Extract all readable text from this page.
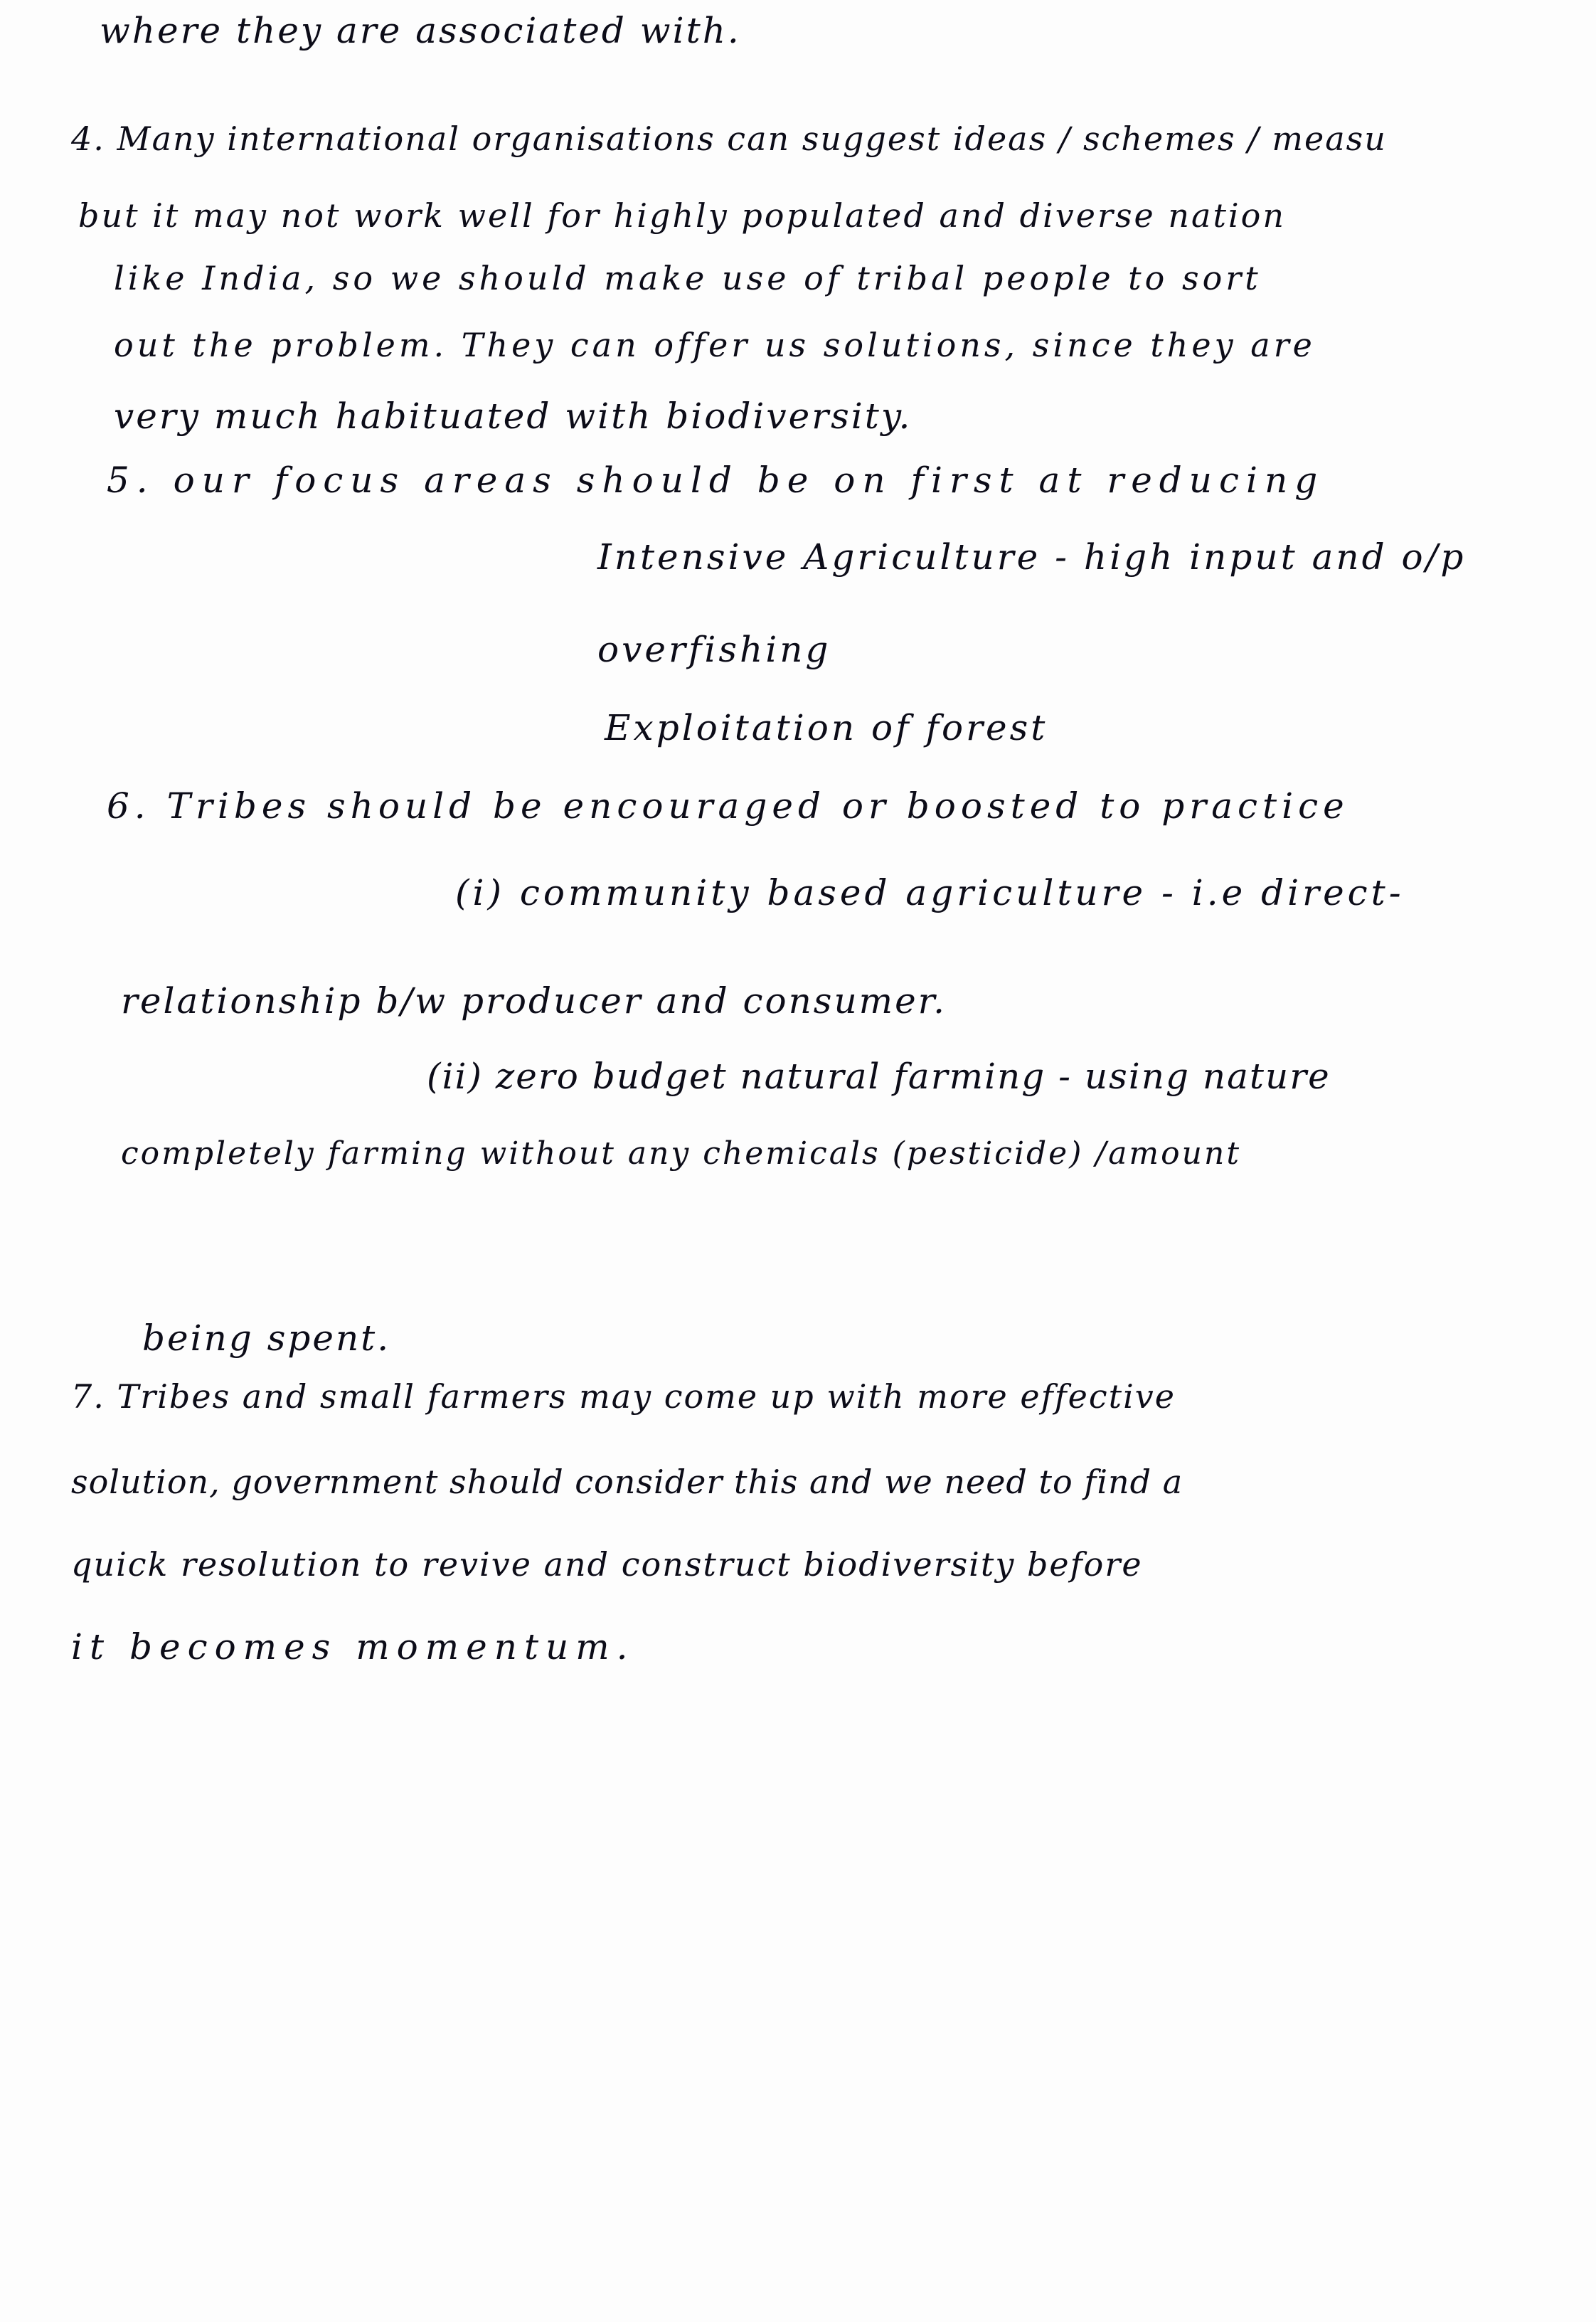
where they are associated with.
4. Many international organisations can suggest ideas / schemes / measu
but it may not work well for highly populated and diverse nation
like India, so we should make use of tribal people to sort
out the problem. They can offer us solutions, since they are
very much habituated with biodiversity.
5. our focus areas should be on first at reducing
Intensive Agriculture - high input and o/p
overfishing
Exploitation of forest
6. Tribes should be encouraged or boosted to practice
(i) community based agriculture - i.e direct-
relationship b/w producer and consumer.
(ii) zero budget natural farming - using nature
completely farming without any chemicals (pesticide) /amount
being spent.
7. Tribes and small farmers may come up with more effective
solution, government should consider this and we need to find a
quick resolution to revive and construct biodiversity before
it becomes momentum.
